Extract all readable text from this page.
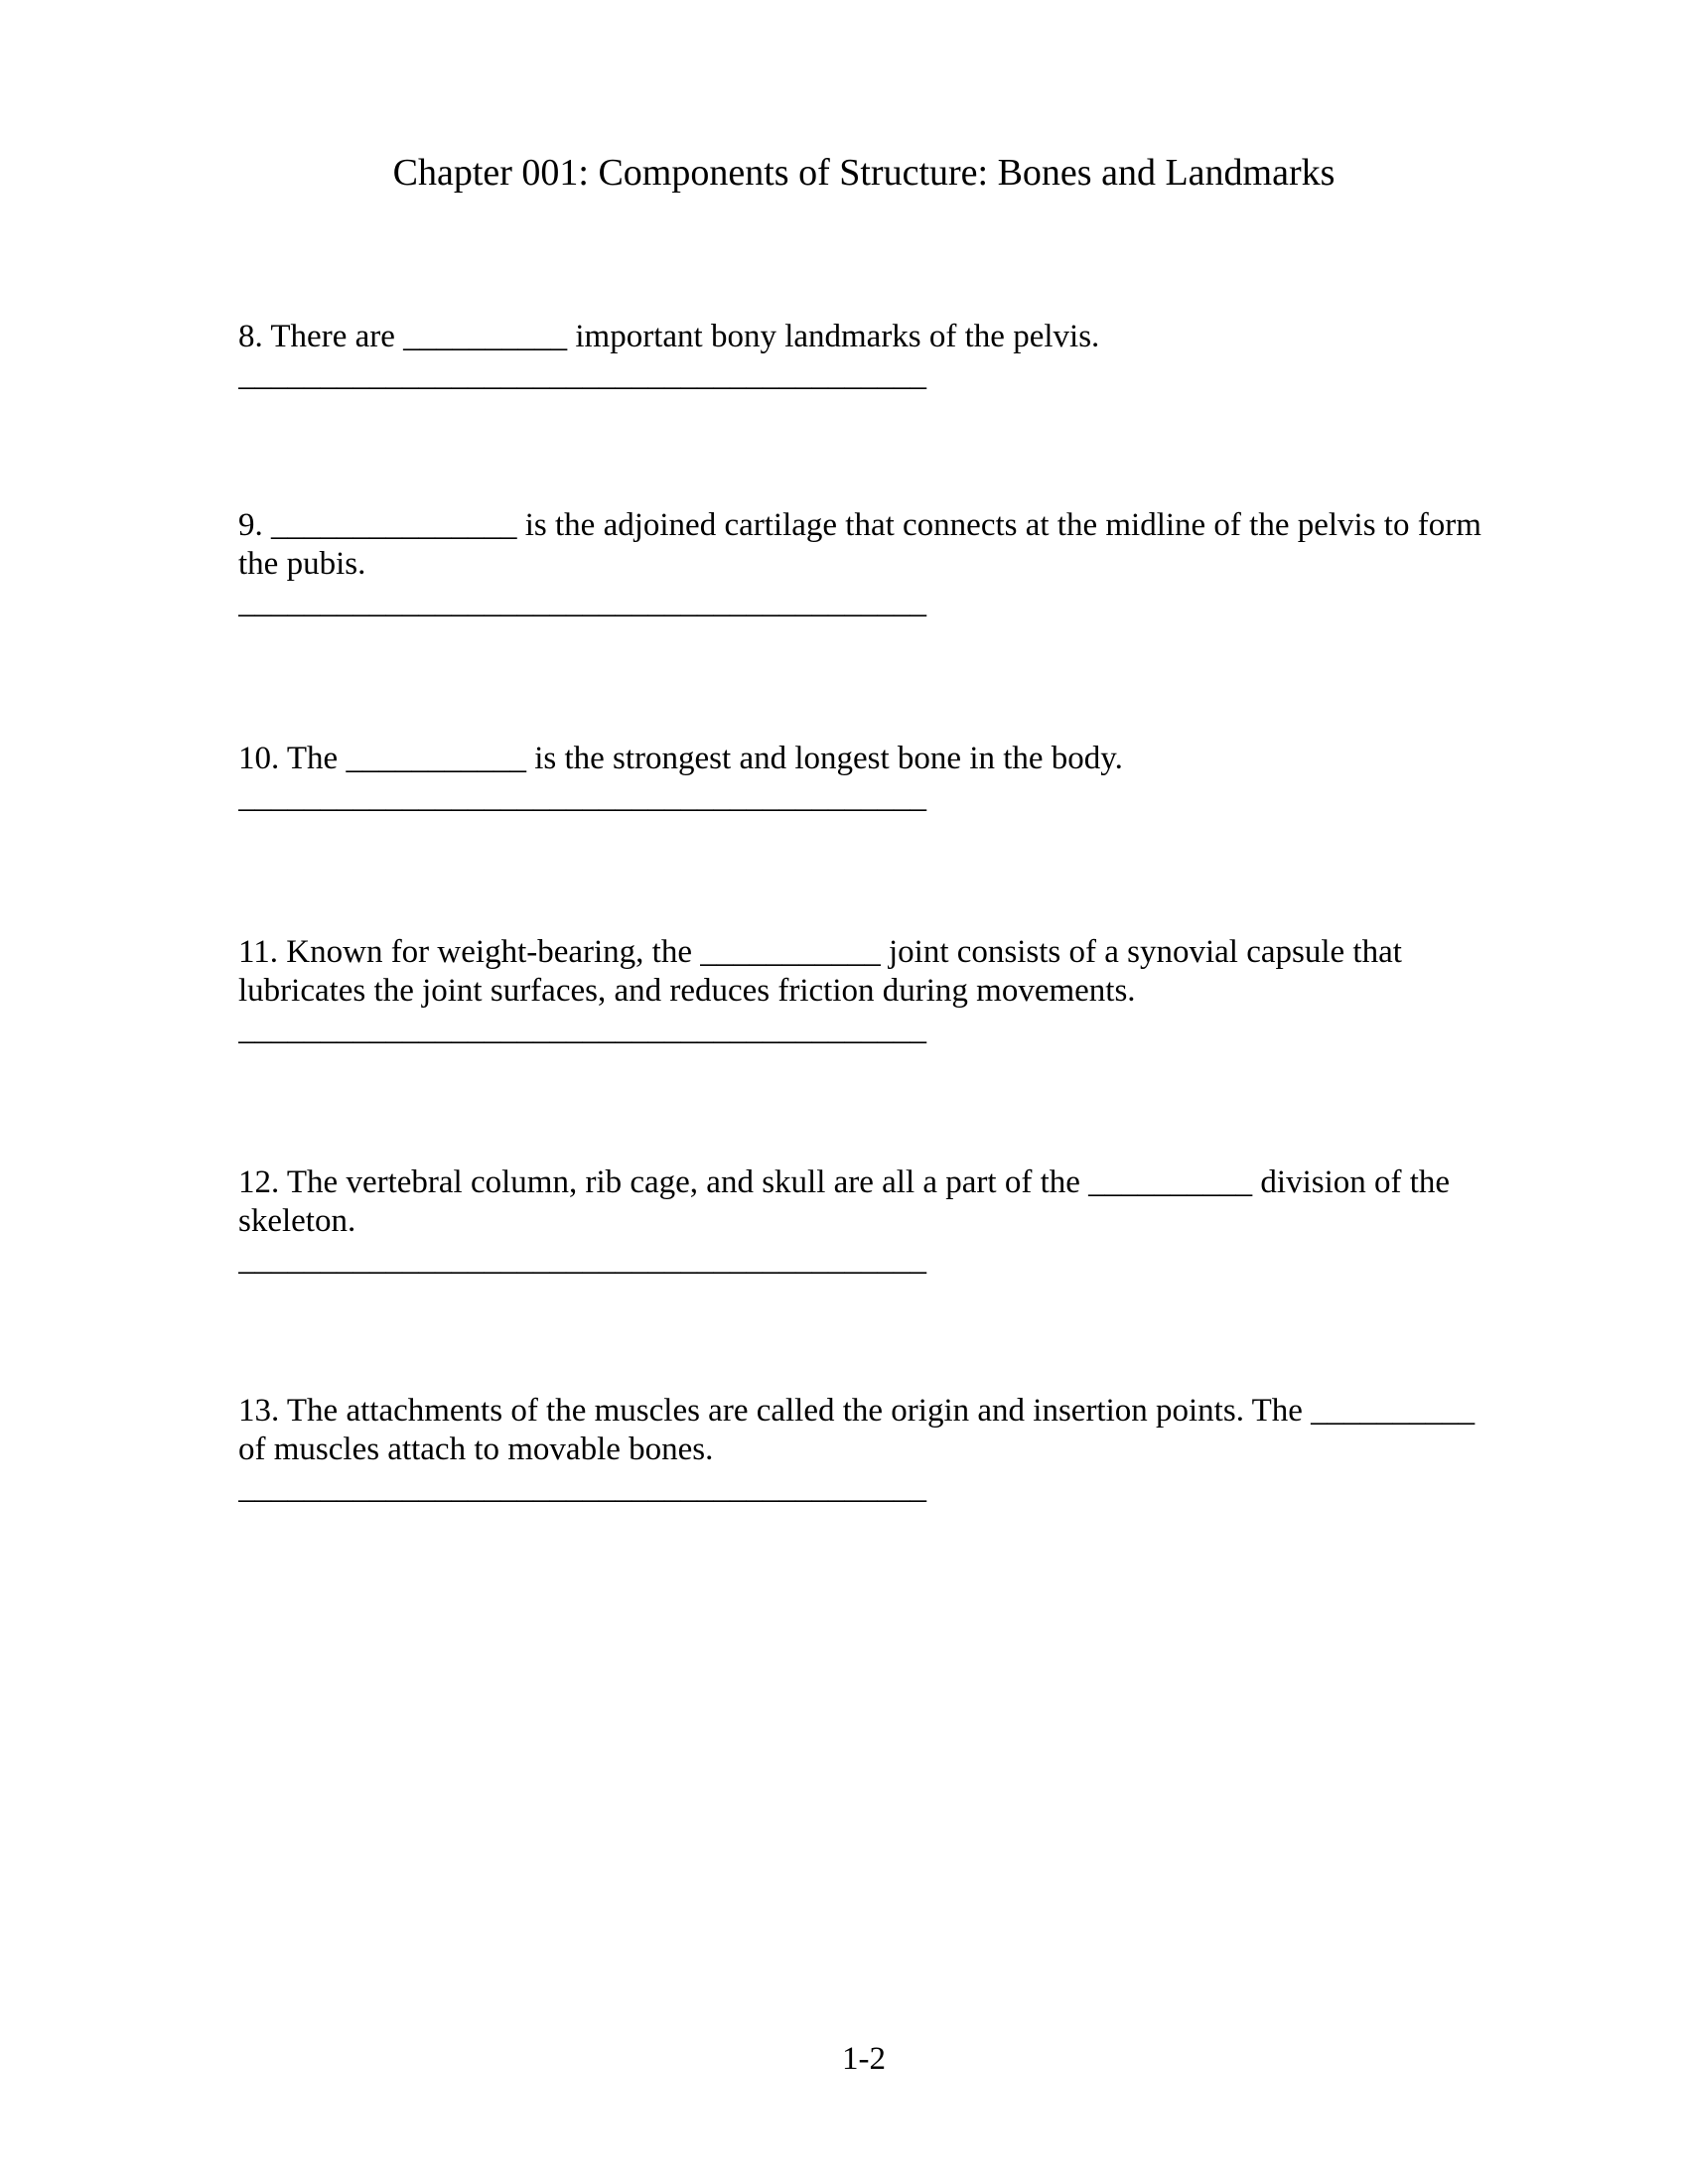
Chapter 001: Components of Structure: Bones and Landmarks

8. There are __________ important bony landmarks of the pelvis.

__________________________________________

9. _______________ is the adjoined cartilage that connects at the midline of the pelvis to form the pubis.

__________________________________________

10. The ___________ is the strongest and longest bone in the body.

__________________________________________

11. Known for weight-bearing, the ___________ joint consists of a synovial capsule that lubricates the joint surfaces, and reduces friction during movements.

__________________________________________

12. The vertebral column, rib cage, and skull are all a part of the __________ division of the skeleton.

__________________________________________

13. The attachments of the muscles are called the origin and insertion points. The __________ of muscles attach to movable bones.

__________________________________________

1-2
